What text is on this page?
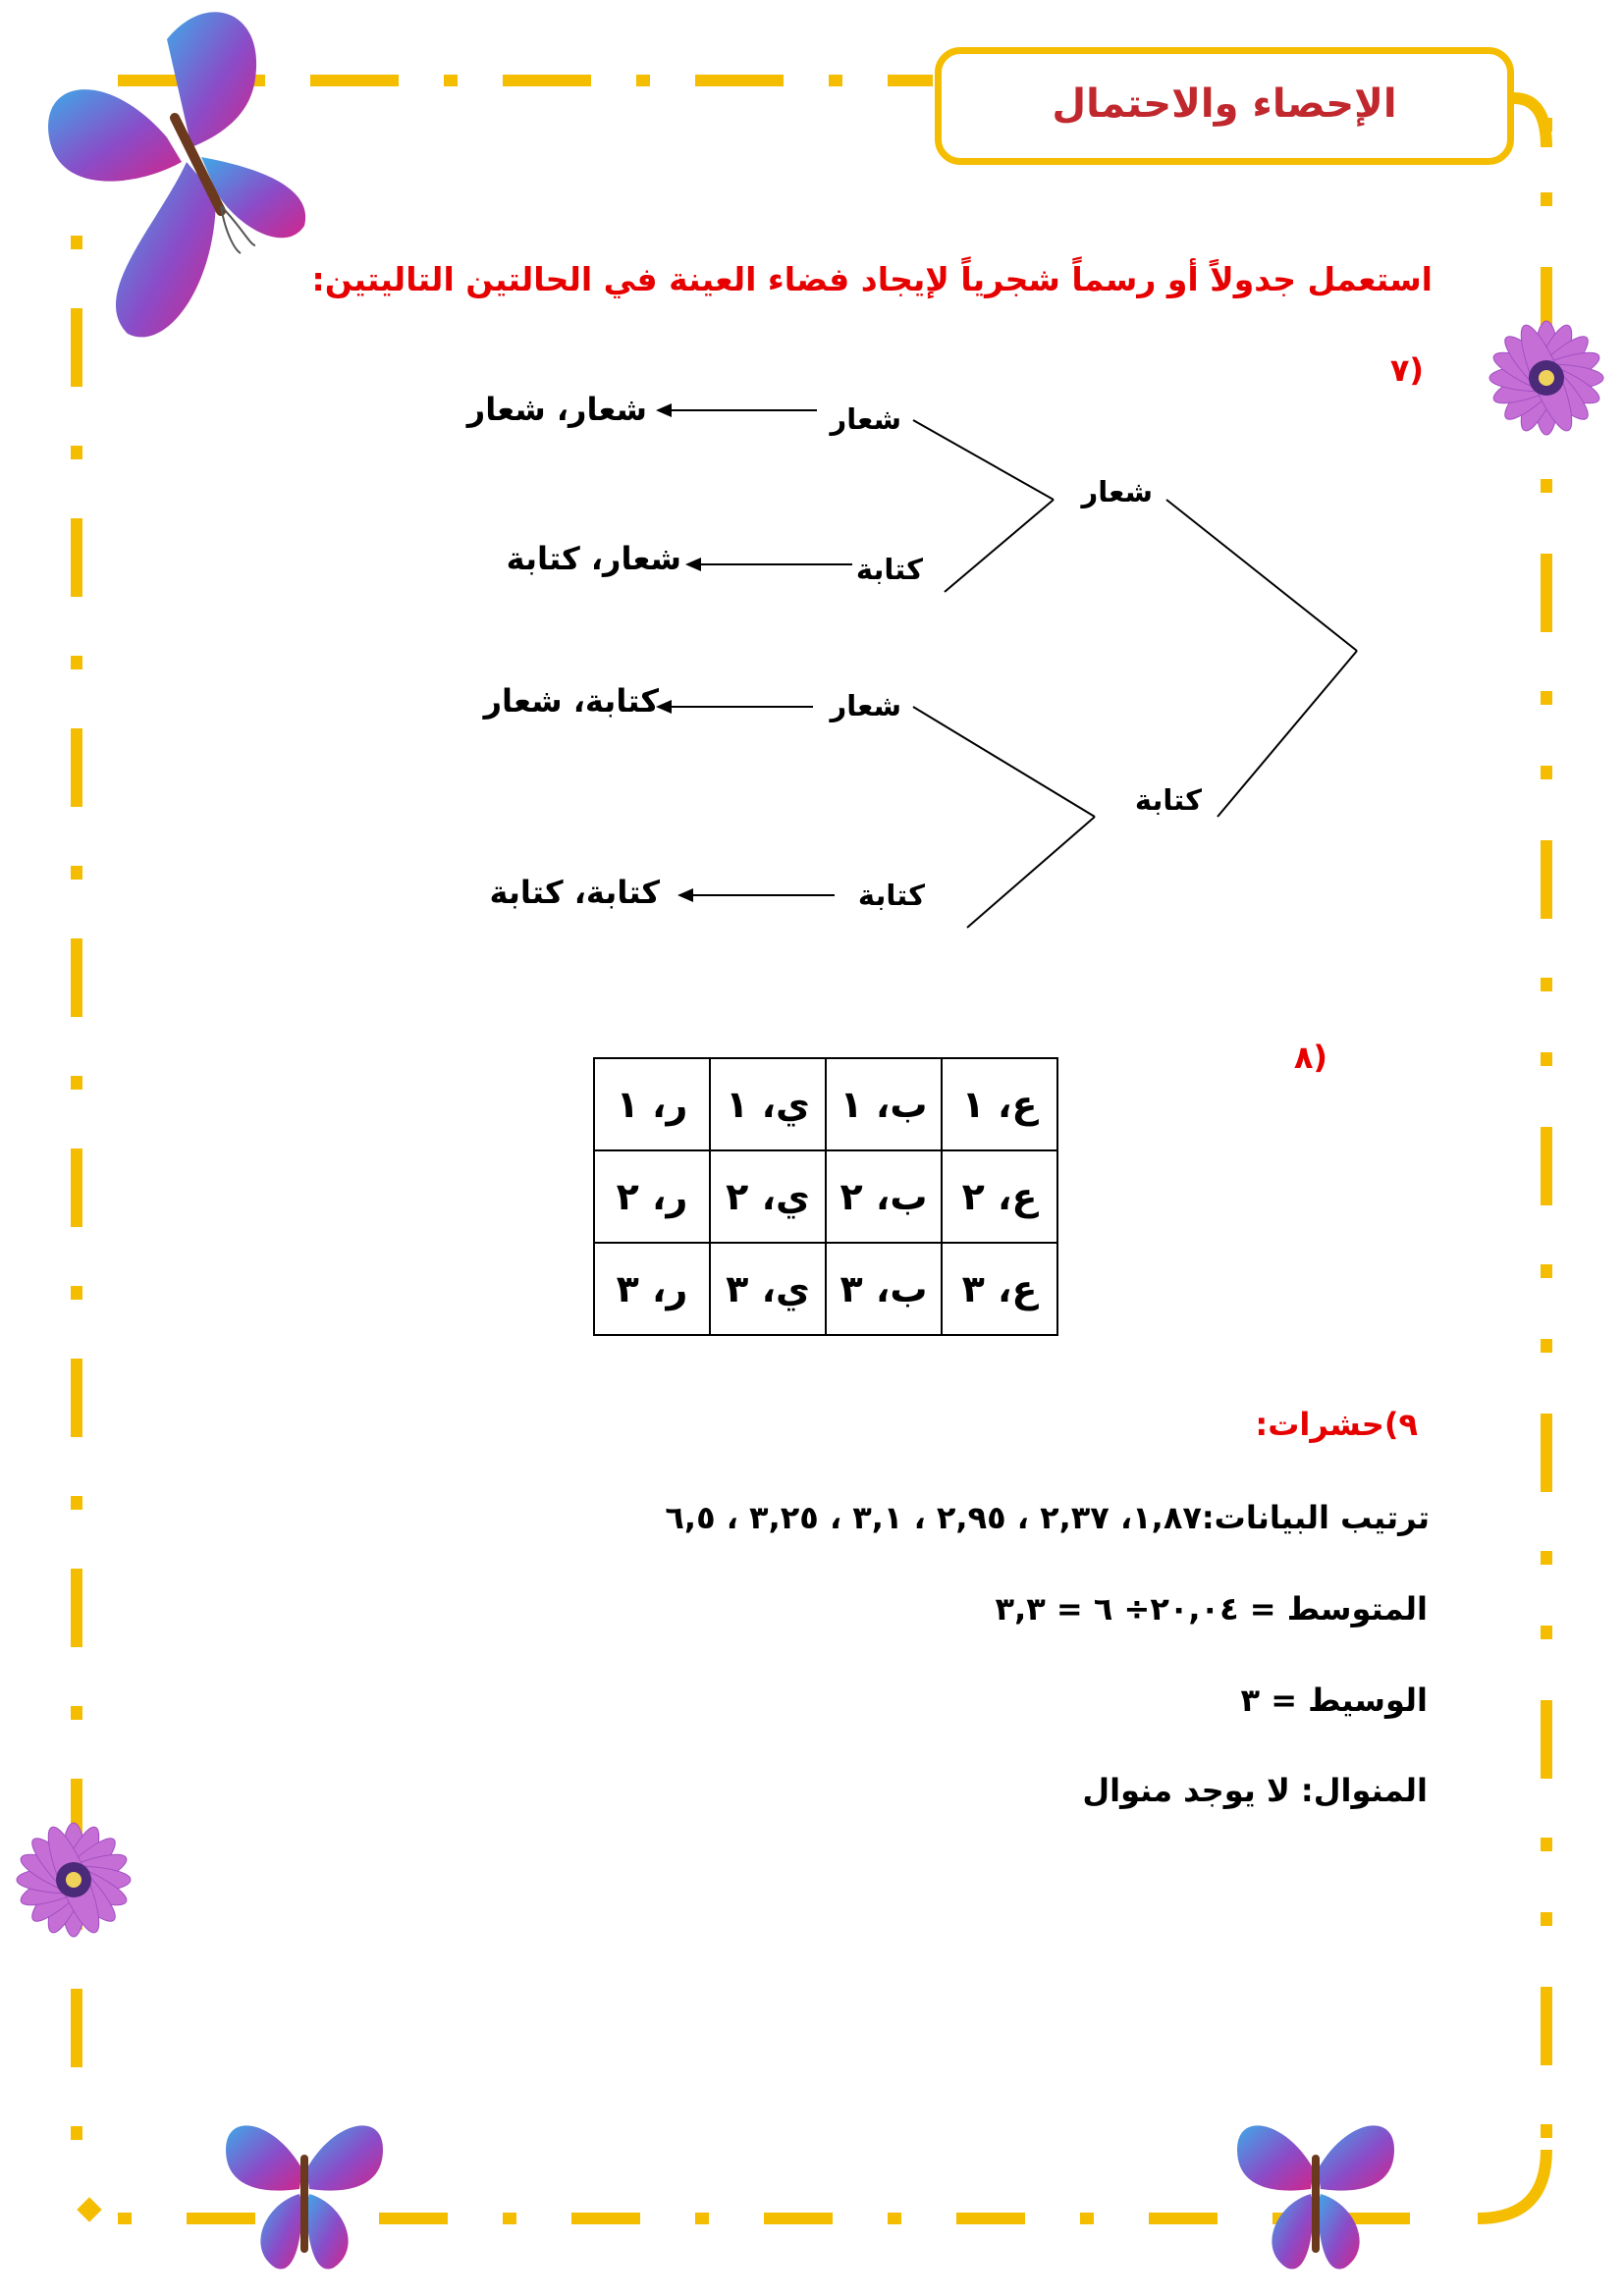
الإحصاء والاحتمال
استعمل جدولاً أو رسماً شجرياً لإيجاد فضاء العينة في الحالتين التاليتين:
٧)
شعار
كتابة
شعار
كتابة
شعار
كتابة
شعار، شعار
شعار، كتابة
كتابة، شعار
كتابة، كتابة
٨)
ع، ١	ب، ١	ي، ١	ر، ١
ع، ٢	ب، ٢	ي، ٢	ر، ٢
ع، ٣	ب، ٣	ي، ٣	ر، ٣
٩)حشرات:
ترتيب البيانات:١,٨٧، ٢,٣٧ ، ٢,٩٥ ، ٣,١ ، ٣,٢٥ ، ٦,٥
المتوسط = ٢٠,٠٤÷ ٦ = ٣,٣
الوسيط = ٣
المنوال: لا يوجد منوال
